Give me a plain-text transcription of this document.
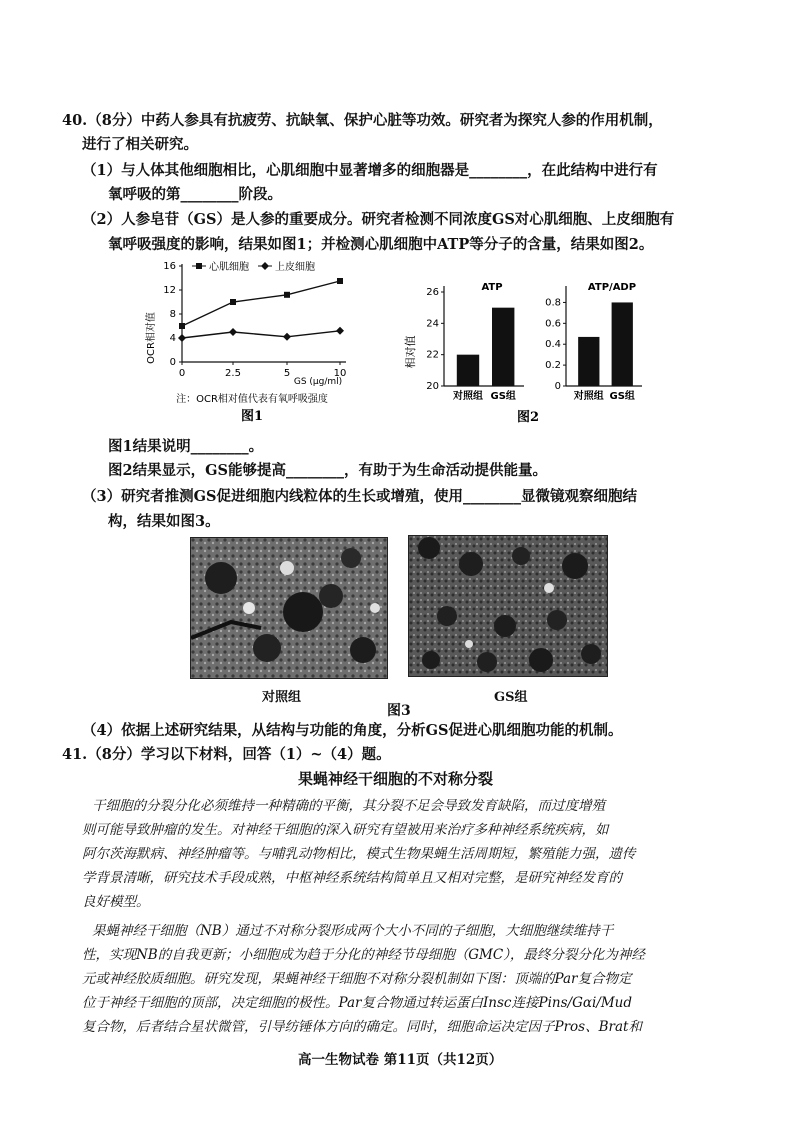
40.（8分）中药人参具有抗疲劳、抗缺氧、保护心脏等功效。研究者为探究人参的作用机制，
进行了相关研究。
（1）与人体其他细胞相比，心肌细胞中显著增多的细胞器是________，在此结构中进行有
氧呼吸的第________阶段。
（2）人参皂苷（GS）是人参的重要成分。研究者检测不同浓度GS对心肌细胞、上皮细胞有
氧呼吸强度的影响，结果如图1；并检测心肌细胞中ATP等分子的含量，结果如图2。
0
4
8
12
16
0	2.5	5	10
心肌细胞	上皮细胞
OCR相对值
GS (μg/ml)
注：OCR相对值代表有氧呼吸强度
图1
20
22
24
26	ATP
对照组 GS组
0
0.2
0.4
0.6
0.8
ATP/ADP
对照组 GS组
相对值
图2
图1结果说明________。
图2结果显示，GS能够提高________，有助于为生命活动提供能量。
（3）研究者推测GS促进细胞内线粒体的生长或增殖，使用________显微镜观察细胞结
构，结果如图3。
对照组	GS组
图3
（4）依据上述研究结果，从结构与功能的角度，分析GS促进心肌细胞功能的机制。
41.（8分）学习以下材料，回答（1）~（4）题。
果蝇神经干细胞的不对称分裂
干细胞的分裂分化必须维持一种精确的平衡，其分裂不足会导致发育缺陷，而过度增殖
则可能导致肿瘤的发生。对神经干细胞的深入研究有望被用来治疗多种神经系统疾病，如
阿尔茨海默病、神经肿瘤等。与哺乳动物相比，模式生物果蝇生活周期短，繁殖能力强，遗传
学背景清晰，研究技术手段成熟，中枢神经系统结构简单且又相对完整，是研究神经发育的
良好模型。
果蝇神经干细胞（NB）通过不对称分裂形成两个大小不同的子细胞，大细胞继续维持干
性，实现NB的自我更新；小细胞成为趋于分化的神经节母细胞（GMC），最终分裂分化为神经
元或神经胶质细胞。研究发现，果蝇神经干细胞不对称分裂机制如下图：顶端的Par复合物定
位于神经干细胞的顶部，决定细胞的极性。Par复合物通过转运蛋白Insc连接Pins/Gαi/Mud
复合物，后者结合星状微管，引导纺锤体方向的确定。同时，细胞命运决定因子Pros、Brat和
高一生物试卷 第11页（共12页）
